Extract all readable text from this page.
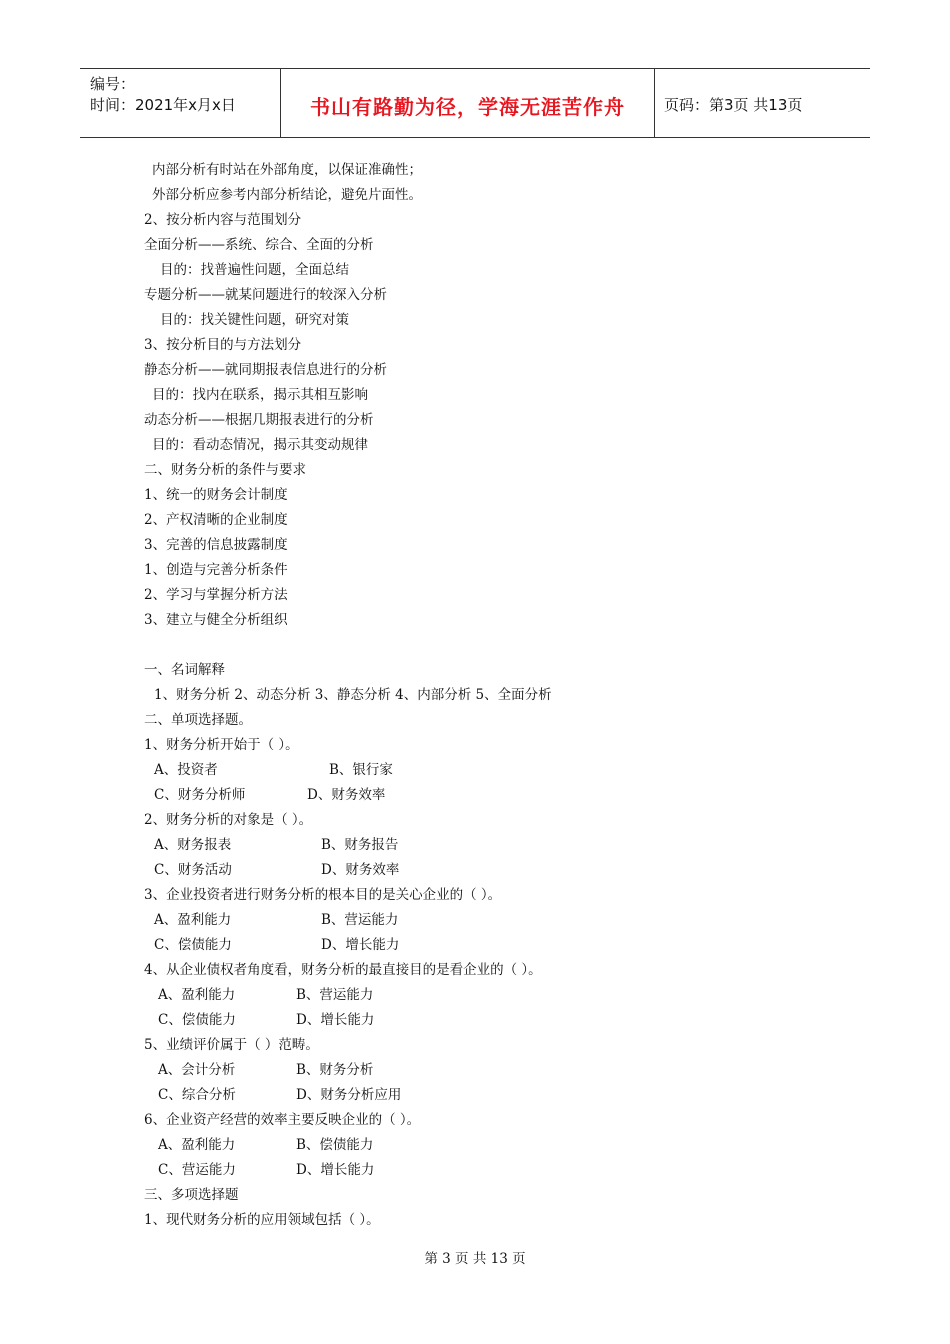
编号：
时间：2021年x月x日	书山有路勤为径，学海无涯苦作舟	页码：第3页 共13页
内部分析有时站在外部角度，以保证准确性；
外部分析应参考内部分析结论，避免片面性。
2、按分析内容与范围划分
全面分析——系统、综合、全面的分析
目的：找普遍性问题，全面总结
专题分析——就某问题进行的较深入分析
目的：找关键性问题，研究对策
3、按分析目的与方法划分
静态分析——就同期报表信息进行的分析
目的：找内在联系，揭示其相互影响
动态分析——根据几期报表进行的分析
目的：看动态情况，揭示其变动规律
二、财务分析的条件与要求
1、统一的财务会计制度
2、产权清晰的企业制度
3、完善的信息披露制度
1、创造与完善分析条件
2、学习与掌握分析方法
3、建立与健全分析组织
一、名词解释
1、财务分析 2、动态分析 3、静态分析 4、内部分析 5、全面分析
二、单项选择题。
1、财务分析开始于（ ）。
A、投资者	B、银行家
C、财务分析师	D、财务效率
2、财务分析的对象是（ ）。
A、财务报表	B、财务报告
C、财务活动	D、财务效率
3、企业投资者进行财务分析的根本目的是关心企业的（ ）。
A、盈利能力	B、营运能力
C、偿债能力	D、增长能力
4、从企业债权者角度看，财务分析的最直接目的是看企业的（ ）。
A、盈利能力	B、营运能力
C、偿债能力	D、增长能力
5、业绩评价属于（ ）范畴。
A、会计分析	B、财务分析
C、综合分析	D、财务分析应用
6、企业资产经营的效率主要反映企业的（ ）。
A、盈利能力	B、偿债能力
C、营运能力	D、增长能力
三、多项选择题
1、现代财务分析的应用领域包括（ ）。
第 3 页 共 13 页
